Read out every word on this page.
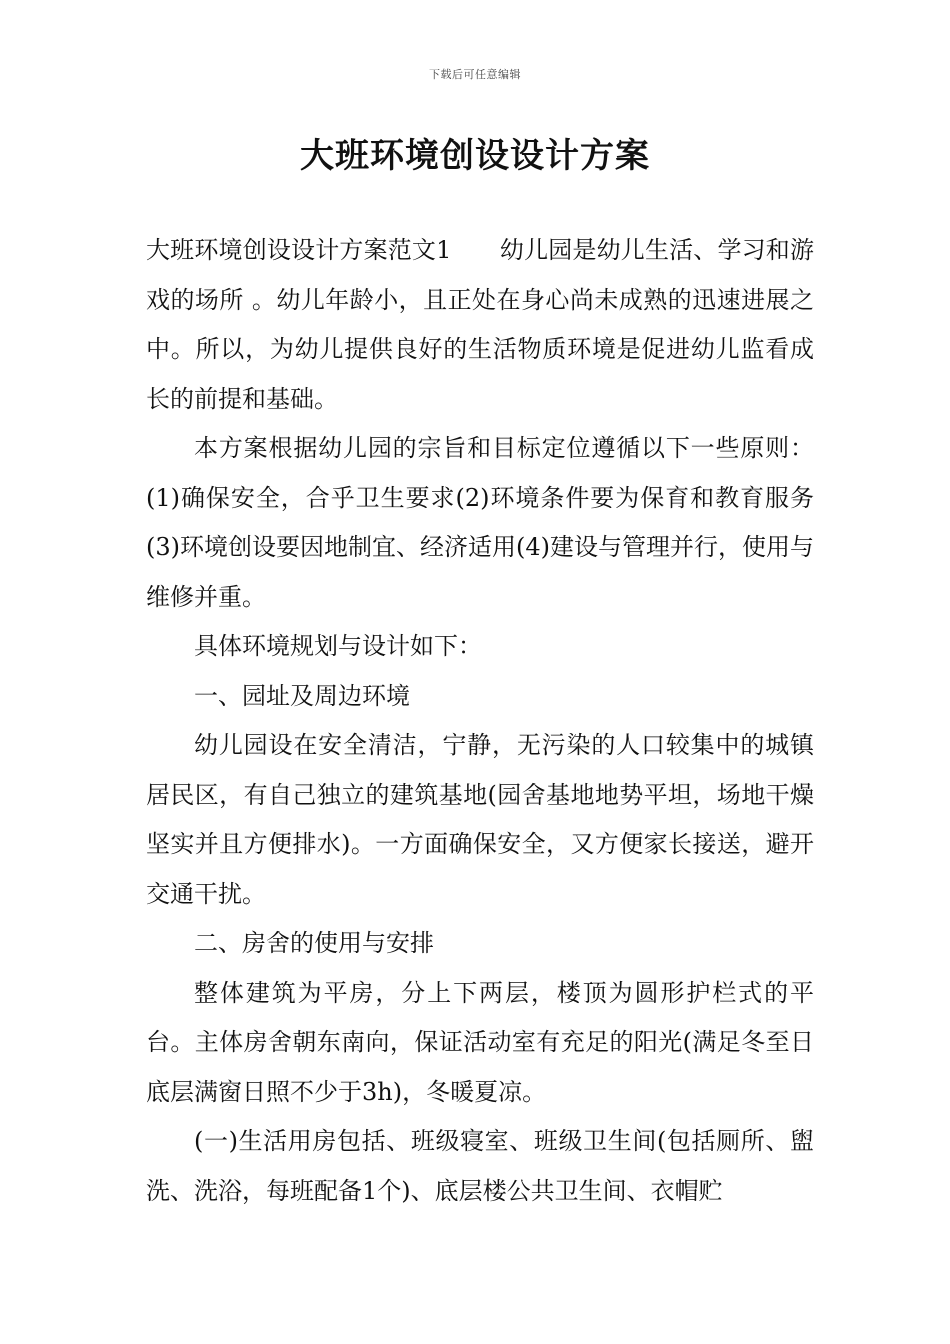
下载后可任意编辑
大班环境创设设计方案

大班环境创设设计方案范文1　　幼儿园是幼儿生活、学习和游戏的场所 。幼儿年龄小，且正处在身心尚未成熟的迅速进展之中。所以，为幼儿提供良好的生活物质环境是促进幼儿监看成长的前提和基础。

本方案根据幼儿园的宗旨和目标定位遵循以下一些原则：(1)确保安全，合乎卫生要求(2)环境条件要为保育和教育服务(3)环境创设要因地制宜、经济适用(4)建设与管理并行，使用与维修并重。

具体环境规划与设计如下：

一、园址及周边环境

幼儿园设在安全清洁，宁静，无污染的人口较集中的城镇居民区，有自己独立的建筑基地(园舍基地地势平坦，场地干燥坚实并且方便排水)。一方面确保安全，又方便家长接送，避开交通干扰。

二、房舍的使用与安排

整体建筑为平房，分上下两层，楼顶为圆形护栏式的平台。主体房舍朝东南向，保证活动室有充足的阳光(满足冬至日底层满窗日照不少于3h)，冬暖夏凉。

(一)生活用房包括、班级寝室、班级卫生间(包括厕所、盥洗、洗浴，每班配备1个)、底层楼公共卫生间、衣帽贮
